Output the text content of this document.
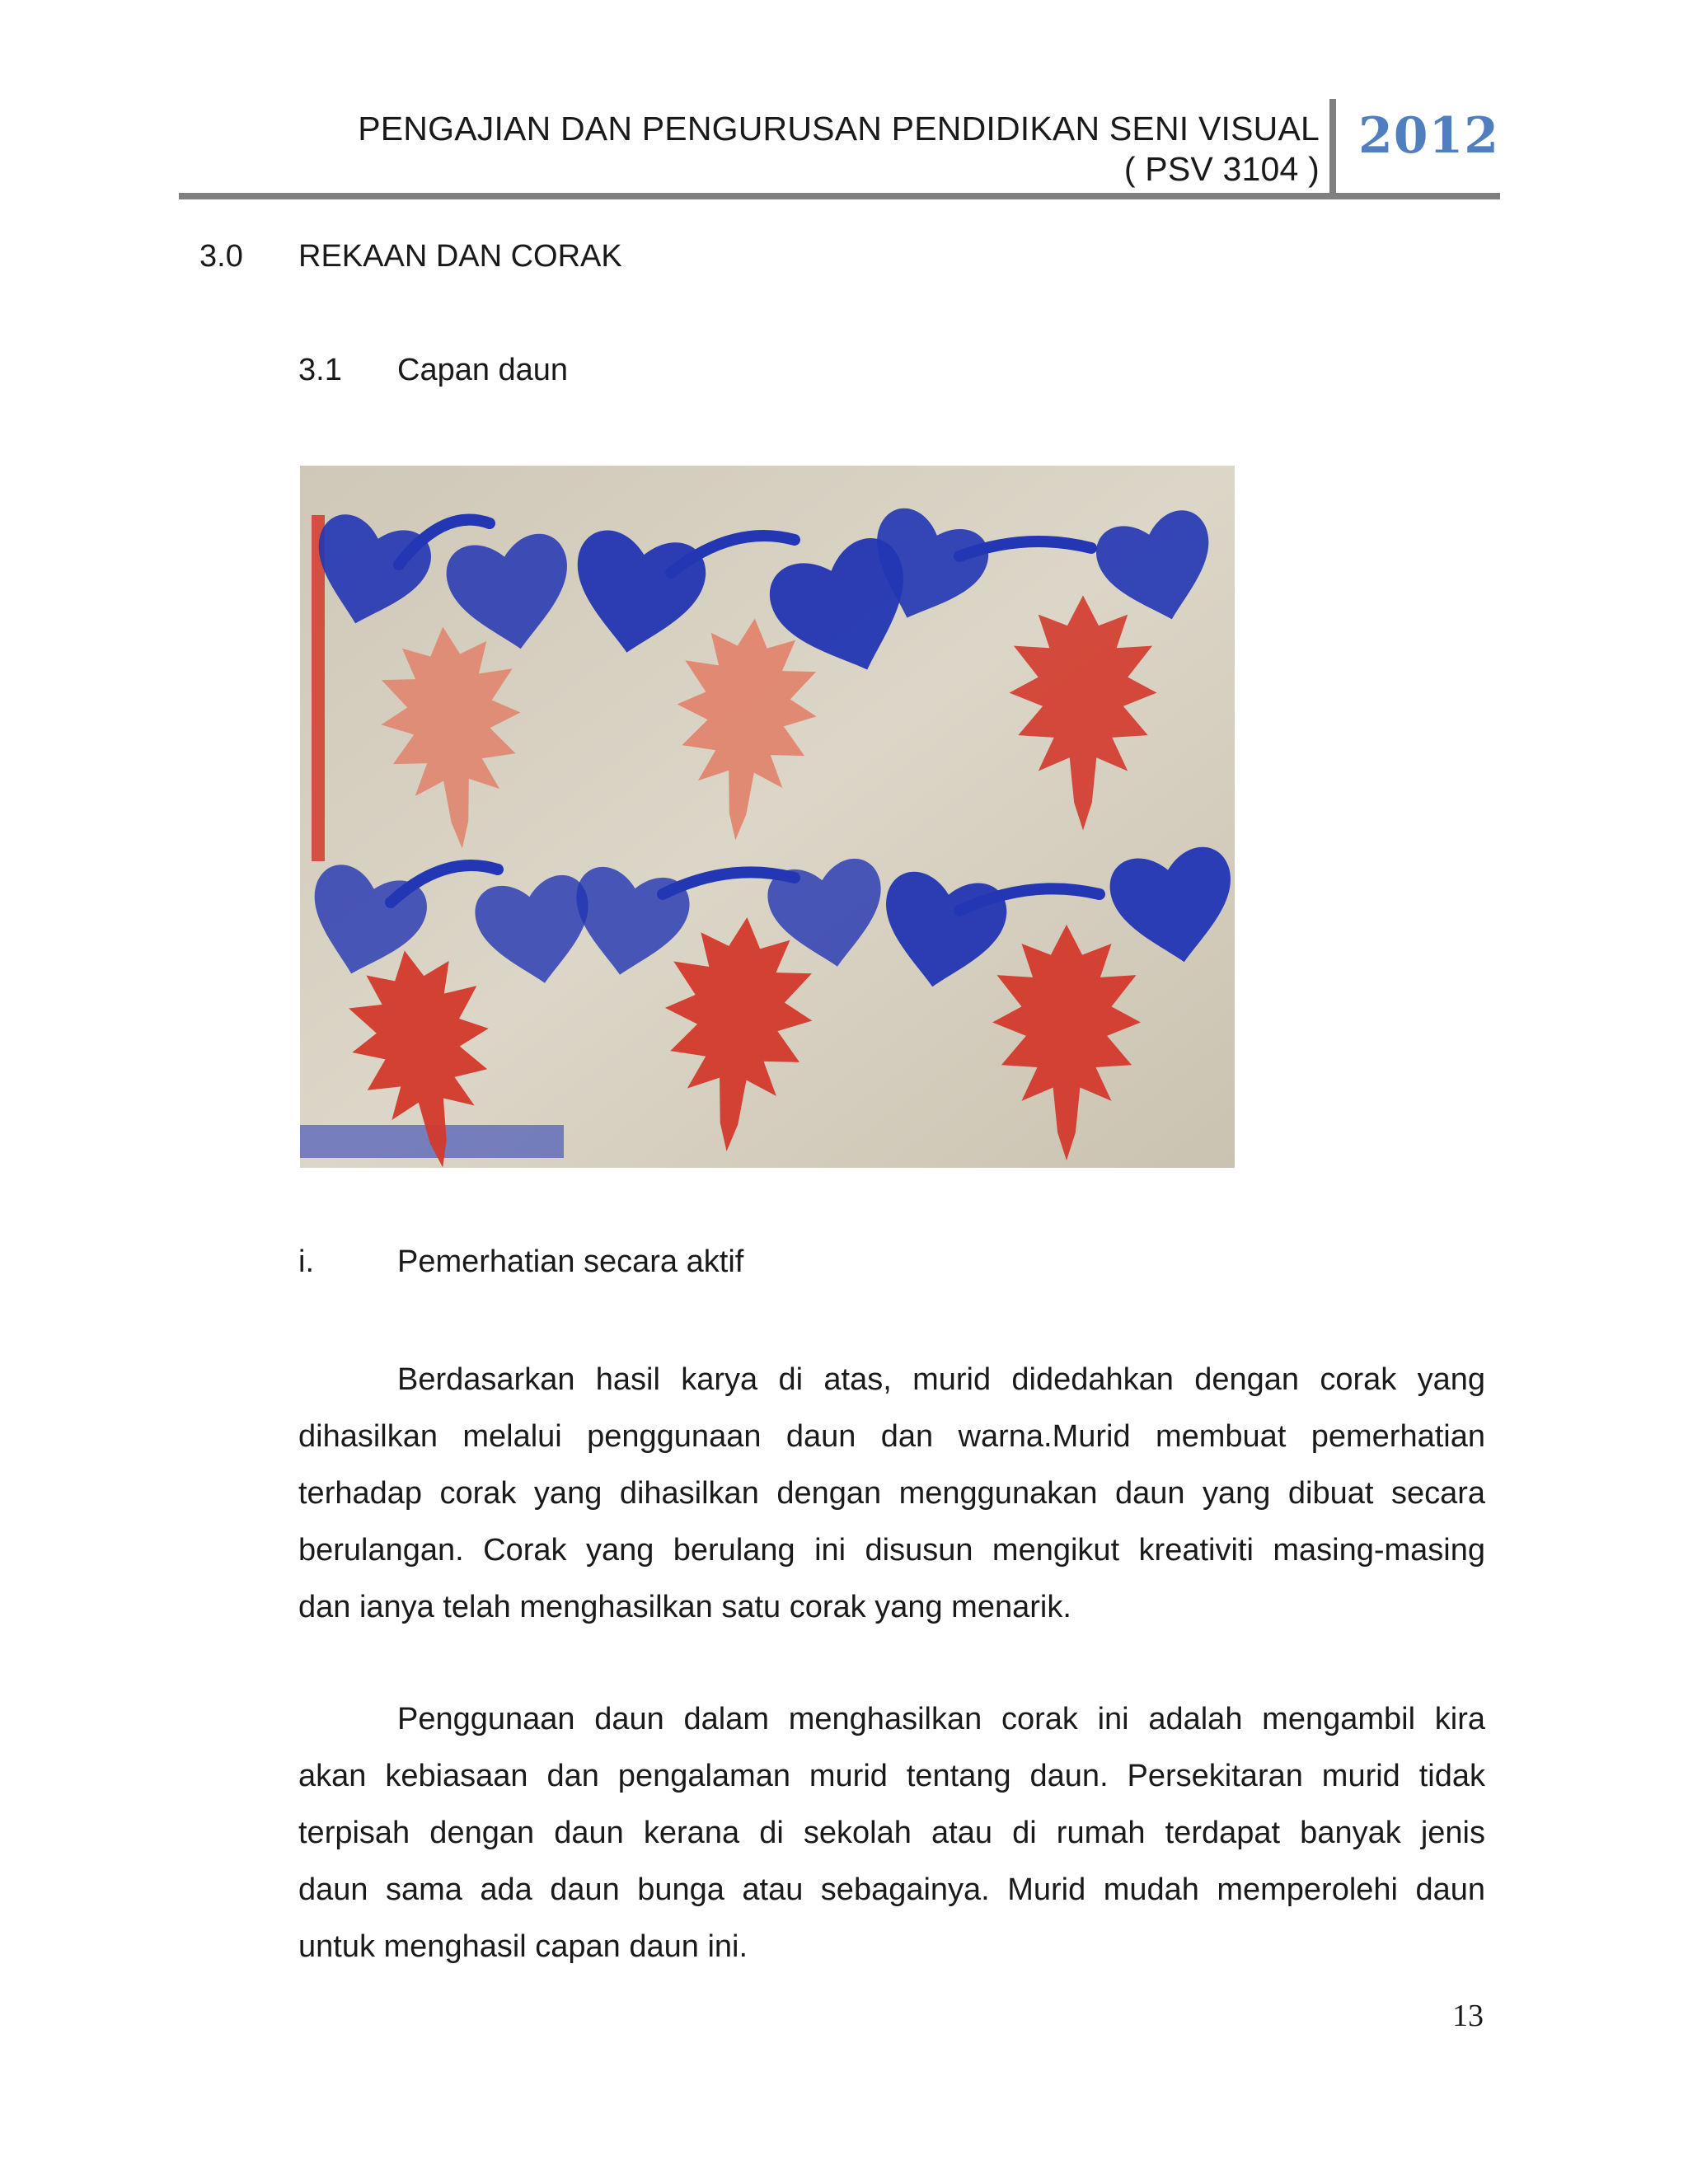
PENGAJIAN DAN PENGURUSAN PENDIDIKAN SENI VISUAL
( PSV 3104 )
2012
3.0 REKAAN DAN CORAK
3.1 Capan daun
i.	Pemerhatian secara aktif
Berdasarkan hasil karya di atas, murid didedahkan dengan corak yang
dihasilkan melalui penggunaan daun dan warna.Murid membuat pemerhatian
terhadap corak yang dihasilkan dengan menggunakan daun yang dibuat secara
berulangan. Corak yang berulang ini disusun mengikut kreativiti masing-masing
dan ianya telah menghasilkan satu corak yang menarik.
Penggunaan daun dalam menghasilkan corak ini adalah mengambil kira
akan kebiasaan dan pengalaman murid tentang daun. Persekitaran murid tidak
terpisah dengan daun kerana di sekolah atau di rumah terdapat banyak jenis
daun sama ada daun bunga atau sebagainya. Murid mudah memperolehi daun
untuk menghasil capan daun ini.
13
